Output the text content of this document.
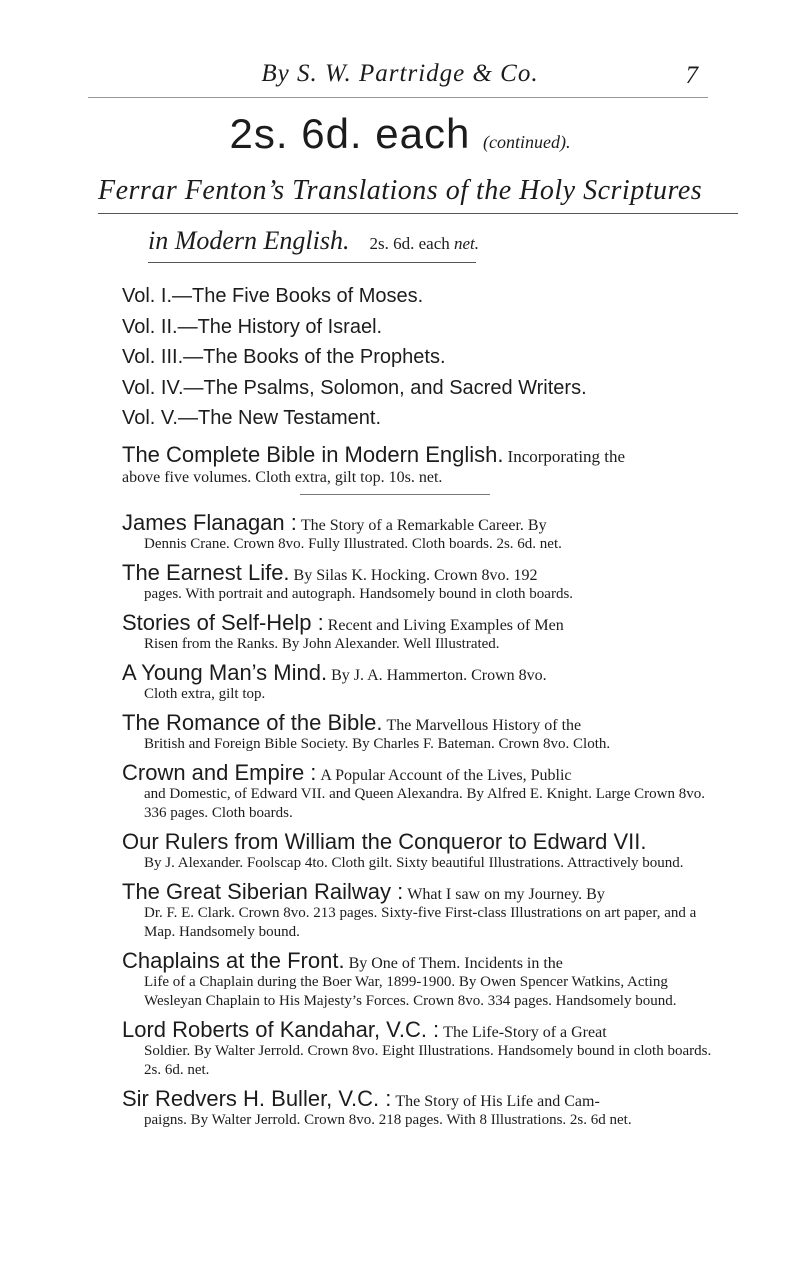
By S. W. Partridge & Co.	7
2s. 6d. each (continued).
Ferrar Fenton’s Translations of the Holy Scriptures
in Modern English. 2s. 6d. each net.
Vol. I.—The Five Books of Moses.
Vol. II.—The History of Israel.
Vol. III.—The Books of the Prophets.
Vol. IV.—The Psalms, Solomon, and Sacred Writers.
Vol. V.—The New Testament.
The Complete Bible in Modern English. Incorporating the
above five volumes. Cloth extra, gilt top. 10s. net.
James Flanagan : The Story of a Remarkable Career. By
Dennis Crane. Crown 8vo. Fully Illustrated. Cloth boards. 2s. 6d. net.
The Earnest Life. By Silas K. Hocking. Crown 8vo. 192
pages. With portrait and autograph. Handsomely bound in cloth boards.
Stories of Self-Help : Recent and Living Examples of Men
Risen from the Ranks. By John Alexander. Well Illustrated.
A Young Man’s Mind. By J. A. Hammerton. Crown 8vo.
Cloth extra, gilt top.
The Romance of the Bible. The Marvellous History of the
British and Foreign Bible Society. By Charles F. Bateman. Crown 8vo. Cloth.
Crown and Empire : A Popular Account of the Lives, Public
and Domestic, of Edward VII. and Queen Alexandra. By Alfred E. Knight. Large Crown 8vo. 336 pages. Cloth boards.
Our Rulers from William the Conqueror to Edward VII.
By J. Alexander. Foolscap 4to. Cloth gilt. Sixty beautiful Illustrations. Attractively bound.
The Great Siberian Railway : What I saw on my Journey. By
Dr. F. E. Clark. Crown 8vo. 213 pages. Sixty-five First-class Illustrations on art paper, and a Map. Handsomely bound.
Chaplains at the Front. By One of Them. Incidents in the
Life of a Chaplain during the Boer War, 1899-1900. By Owen Spencer Watkins, Acting Wesleyan Chaplain to His Majesty’s Forces. Crown 8vo. 334 pages. Handsomely bound.
Lord Roberts of Kandahar, V.C. : The Life-Story of a Great
Soldier. By Walter Jerrold. Crown 8vo. Eight Illustrations. Handsomely bound in cloth boards. 2s. 6d. net.
Sir Redvers H. Buller, V.C. : The Story of His Life and Cam-
paigns. By Walter Jerrold. Crown 8vo. 218 pages. With 8 Illustrations. 2s. 6d net.
